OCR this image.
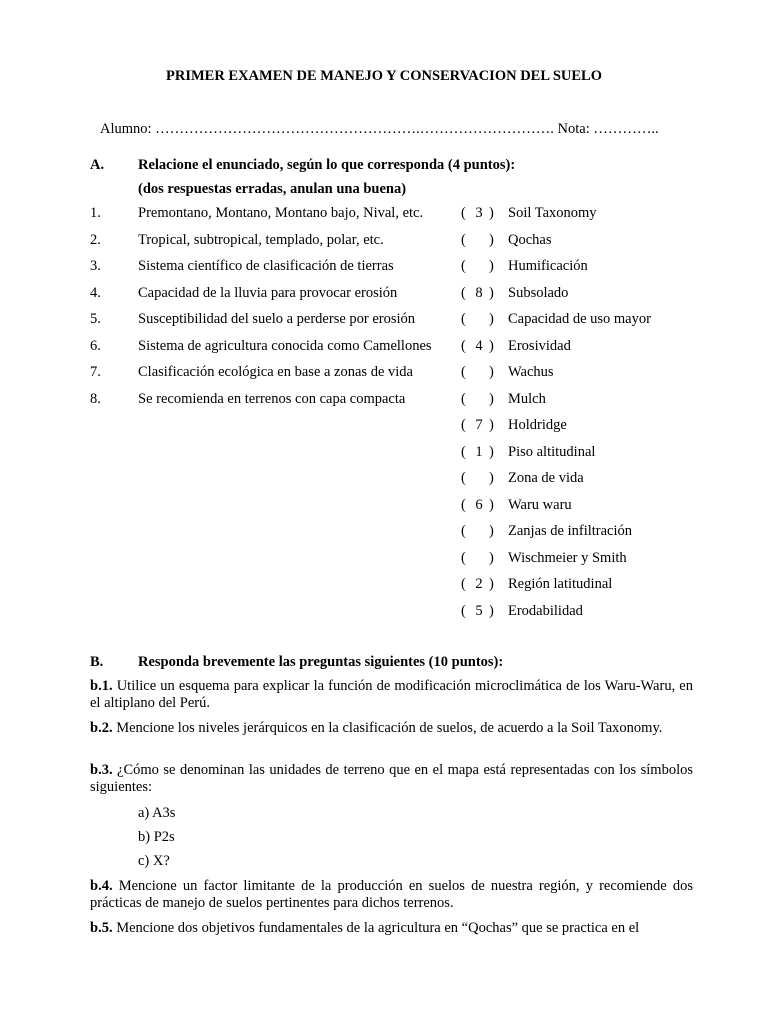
PRIMER EXAMEN DE MANEJO Y CONSERVACION DEL SUELO
Alumno: ……………………………………………….………………………. Nota: …………..
A. Relacione el enunciado, según lo que corresponda (4 puntos):
(dos respuestas erradas, anulan una buena)
1.	Premontano, Montano, Montano bajo, Nival, etc.
2.	Tropical, subtropical, templado, polar, etc.
3.	Sistema científico de clasificación de tierras
4.	Capacidad de la lluvia para provocar erosión
5.	Susceptibilidad del suelo a perderse por erosión
6.	Sistema de agricultura conocida como Camellones
7.	Clasificación ecológica en base a zonas de vida
8.	Se recomienda en terrenos con capa compacta
( 3 ) Soil Taxonomy
( ) Qochas
( ) Humificación
( 8 ) Subsolado
( ) Capacidad de uso mayor
( 4 ) Erosividad
( ) Wachus
( ) Mulch
( 7 ) Holdridge
( 1 ) Piso altitudinal
( ) Zona de vida
( 6 ) Waru waru
( ) Zanjas de infiltración
( ) Wischmeier y Smith
( 2 ) Región latitudinal
( 5 ) Erodabilidad
B. Responda brevemente las preguntas siguientes (10 puntos):
b.1. Utilice un esquema para explicar la función de modificación microclimática de los Waru-Waru, en el altiplano del Perú.
b.2. Mencione los niveles jerárquicos en la clasificación de suelos, de acuerdo a la Soil Taxonomy.
b.3. ¿Cómo se denominan las unidades de terreno que en el mapa está representadas con los símbolos siguientes:
a) A3s
b) P2s
c) X?
b.4. Mencione un factor limitante de la producción en suelos de nuestra región, y recomiende dos prácticas de manejo de suelos pertinentes para dichos terrenos.
b.5. Mencione dos objetivos fundamentales de la agricultura en “Qochas” que se practica en el
